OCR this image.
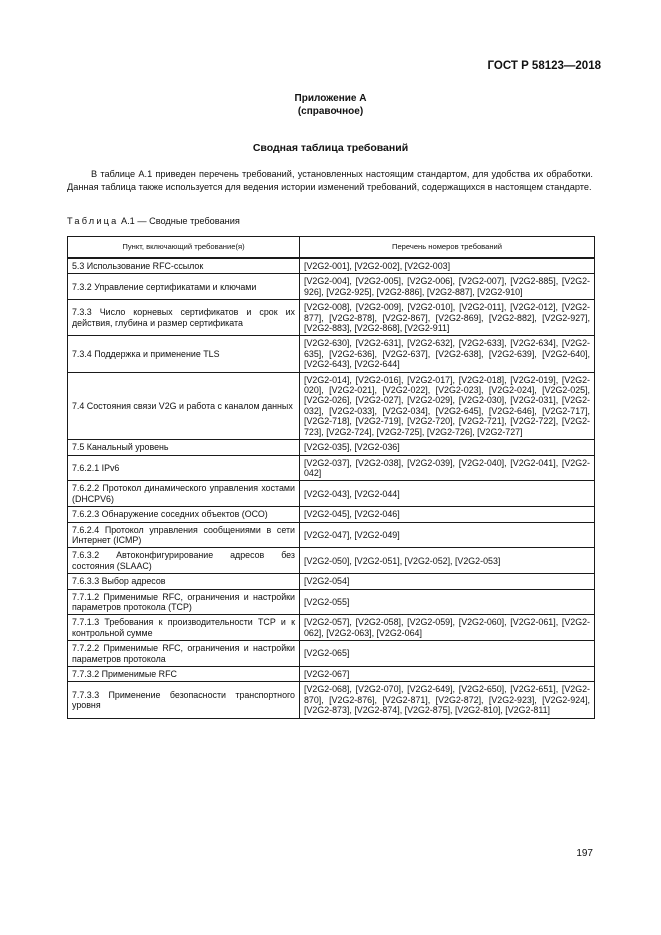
ГОСТ Р 58123—2018
Приложение А
(справочное)
Сводная таблица требований

В таблице А.1 приведен перечень требований, установленных настоящим стандартом, для удобства их обработки. Данная таблица также используется для ведения истории изменений требований, содержащихся в настоящем стандарте.

Таблица А.1 — Сводные требования
Пункт, включающий требование(я)	Перечень номеров требований
5.3 Использование RFC-ссылок	[V2G2-001], [V2G2-002], [V2G2-003]
7.3.2 Управление сертификатами и ключами	[V2G2-004], [V2G2-005], [V2G2-006], [V2G2-007], [V2G2-885], [V2G2-926], [V2G2-925], [V2G2-886], [V2G2-887], [V2G2-910]
7.3.3 Число корневых сертификатов и срок их действия, глубина и размер сертификата	[V2G2-008], [V2G2-009], [V2G2-010], [V2G2-011], [V2G2-012], [V2G2-877], [V2G2-878], [V2G2-867], [V2G2-869], [V2G2-882], [V2G2-927], [V2G2-883], [V2G2-868], [V2G2-911]
7.3.4 Поддержка и применение TLS	[V2G2-630], [V2G2-631], [V2G2-632], [V2G2-633], [V2G2-634], [V2G2-635], [V2G2-636], [V2G2-637], [V2G2-638], [V2G2-639], [V2G2-640], [V2G2-643], [V2G2-644]
7.4 Состояния связи V2G и работа с каналом данных	[V2G2-014], [V2G2-016], [V2G2-017], [V2G2-018], [V2G2-019], [V2G2-020], [V2G2-021], [V2G2-022], [V2G2-023], [V2G2-024], [V2G2-025], [V2G2-026], [V2G2-027], [V2G2-029], [V2G2-030], [V2G2-031], [V2G2-032], [V2G2-033], [V2G2-034], [V2G2-645], [V2G2-646], [V2G2-717], [V2G2-718], [V2G2-719], [V2G2-720], [V2G2-721], [V2G2-722], [V2G2-723], [V2G2-724], [V2G2-725], [V2G2-726], [V2G2-727]
7.5 Канальный уровень	[V2G2-035], [V2G2-036]
7.6.2.1 IPv6	[V2G2-037], [V2G2-038], [V2G2-039], [V2G2-040], [V2G2-041], [V2G2-042]
7.6.2.2 Протокол динамического управления хостами (DHCPV6)	[V2G2-043], [V2G2-044]
7.6.2.3 Обнаружение соседних объектов (ОСО)	[V2G2-045], [V2G2-046]
7.6.2.4 Протокол управления сообщениями в сети Интернет (ICMP)	[V2G2-047], [V2G2-049]
7.6.3.2 Автоконфигурирование адресов без состояния (SLAAC)	[V2G2-050], [V2G2-051], [V2G2-052], [V2G2-053]
7.6.3.3 Выбор адресов	[V2G2-054]
7.7.1.2 Применимые RFC, ограничения и настройки параметров протокола (TCP)	[V2G2-055]
7.7.1.3 Требования к производительности TCP и к контрольной сумме	[V2G2-057], [V2G2-058], [V2G2-059], [V2G2-060], [V2G2-061], [V2G2-062], [V2G2-063], [V2G2-064]
7.7.2.2 Применимые RFC, ограничения и настройки параметров протокола	[V2G2-065]
7.7.3.2 Применимые RFC	[V2G2-067]
7.7.3.3 Применение безопасности транспортного уровня	[V2G2-068], [V2G2-070], [V2G2-649], [V2G2-650], [V2G2-651], [V2G2-870], [V2G2-876], [V2G2-871], [V2G2-872], [V2G2-923], [V2G2-924], [V2G2-873], [V2G2-874], [V2G2-875], [V2G2-810], [V2G2-811]
197
